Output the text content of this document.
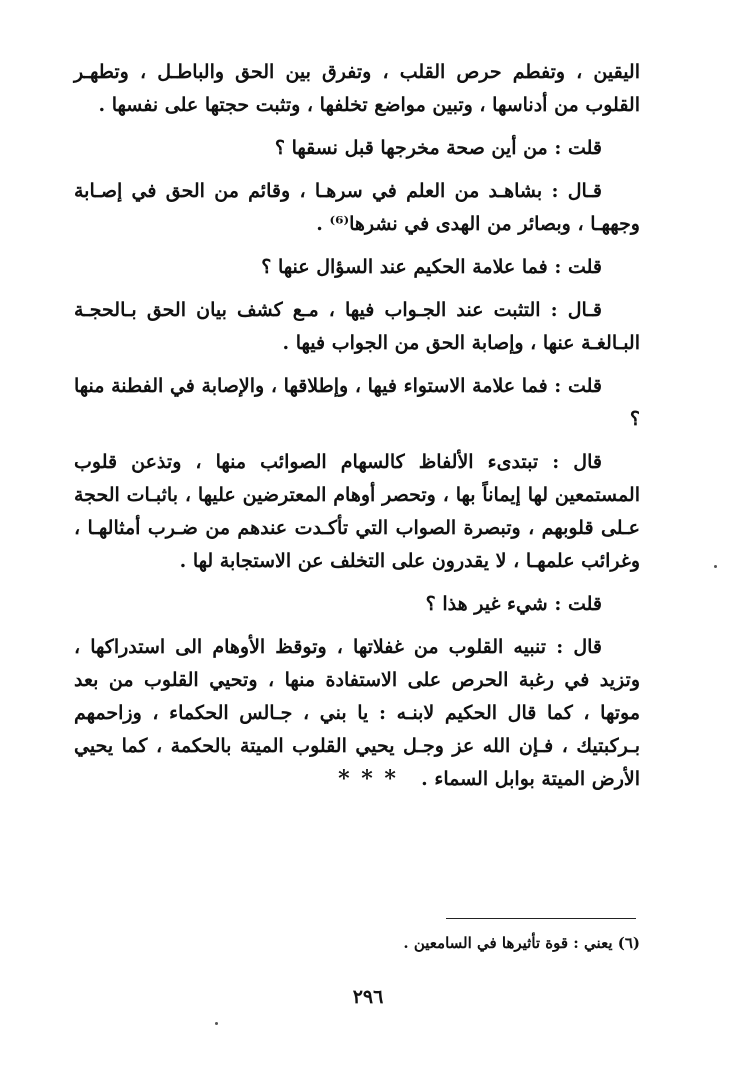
اليقين ، وتفطم حرص القلب ، وتفرق بين الحق والباطـل ، وتطهـر القلوب من أدناسها ، وتبين مواضع تخلفها ، وتثبت حجتها على نفسها .

قلت : من أين صحة مخرجها قبل نسقها ؟

قـال : بشاهـد من العلم في سرهـا ، وقائم من الحق في إصـابة وجههـا ، وبصائر من الهدى في نشرها⁽⁶⁾ .

قلت : فما علامة الحكيم عند السؤال عنها ؟

قـال : التثبت عند الجـواب فيها ، مـع كشف بيان الحق بـالحجـة البـالغـة عنها ، وإصابة الحق من الجواب فيها .

قلت : فما علامة الاستواء فيها ، وإطلاقها ، والإصابة في الفطنة منها ؟

قال : تبتدىء الألفاظ كالسهام الصوائب منها ، وتذعن قلوب المستمعين لها إيماناً بها ، وتحصر أوهام المعترضين عليها ، باثبـات الحجة عـلى قلوبهم ، وتبصرة الصواب التي تأكـدت عندهم من ضـرب أمثالهـا ، وغرائب علمهـا ، لا يقدرون على التخلف عن الاستجابة لها .

قلت : شيء غير هذا ؟

قال : تنبيه القلوب من غفلاتها ، وتوقظ الأوهام الى استدراكها ، وتزيد في رغبة الحرص على الاستفادة منها ، وتحيي القلوب من بعد موتها ، كما قال الحكيم لابنـه : يا بني ، جـالس الحكماء ، وزاحمهم بـركبتيك ، فـإن الله عز وجـل يحيي القلوب الميتة بالحكمة ، كما يحيي الأرض الميتة بوابل السماء .

* * *
(٦) يعني : قوة تأثيرها في السامعين .
٢٩٦
